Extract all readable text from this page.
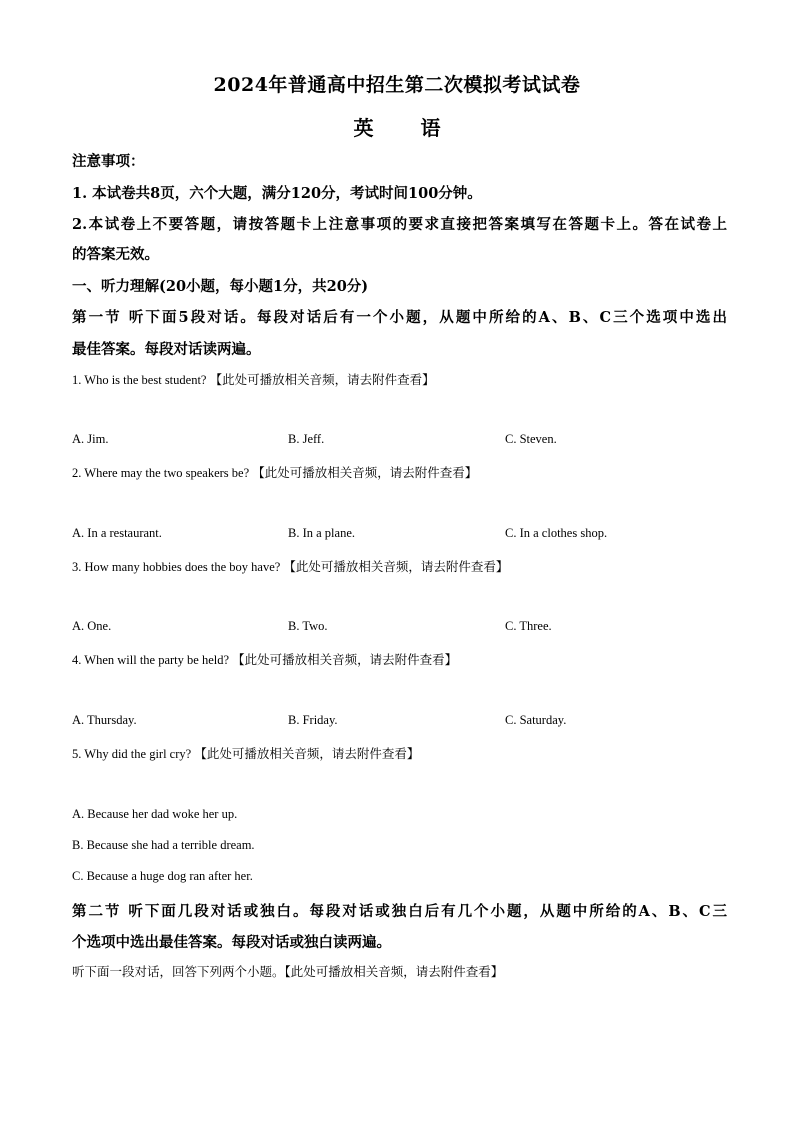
2024年普通高中招生第二次模拟考试试卷
英 语
注意事项：
1. 本试卷共8页，六个大题，满分120分，考试时间100分钟。
2.本试卷上不要答题，请按答题卡上注意事项的要求直接把答案填写在答题卡上。答在试卷上
的答案无效。
一、听力理解(20小题，每小题1分，共20分)
第一节 听下面5段对话。每段对话后有一个小题，从题中所给的A、B、C三个选项中选出
最佳答案。每段对话读两遍。
1. Who is the best student? 【此处可播放相关音频，请去附件查看】
A. Jim.	B. Jeff.	C. Steven.
2. Where may the two speakers be? 【此处可播放相关音频，请去附件查看】
A. In a restaurant.	B. In a plane.	C. In a clothes shop.
3. How many hobbies does the boy have? 【此处可播放相关音频，请去附件查看】
A. One.	B. Two.	C. Three.
4. When will the party be held? 【此处可播放相关音频，请去附件查看】
A. Thursday.	B. Friday.	C. Saturday.
5. Why did the girl cry? 【此处可播放相关音频，请去附件查看】
A. Because her dad woke her up.
B. Because she had a terrible dream.
C. Because a huge dog ran after her.
第二节 听下面几段对话或独白。每段对话或独白后有几个小题，从题中所给的A、B、C三
个选项中选出最佳答案。每段对话或独白读两遍。
听下面一段对话，回答下列两个小题。【此处可播放相关音频，请去附件查看】
